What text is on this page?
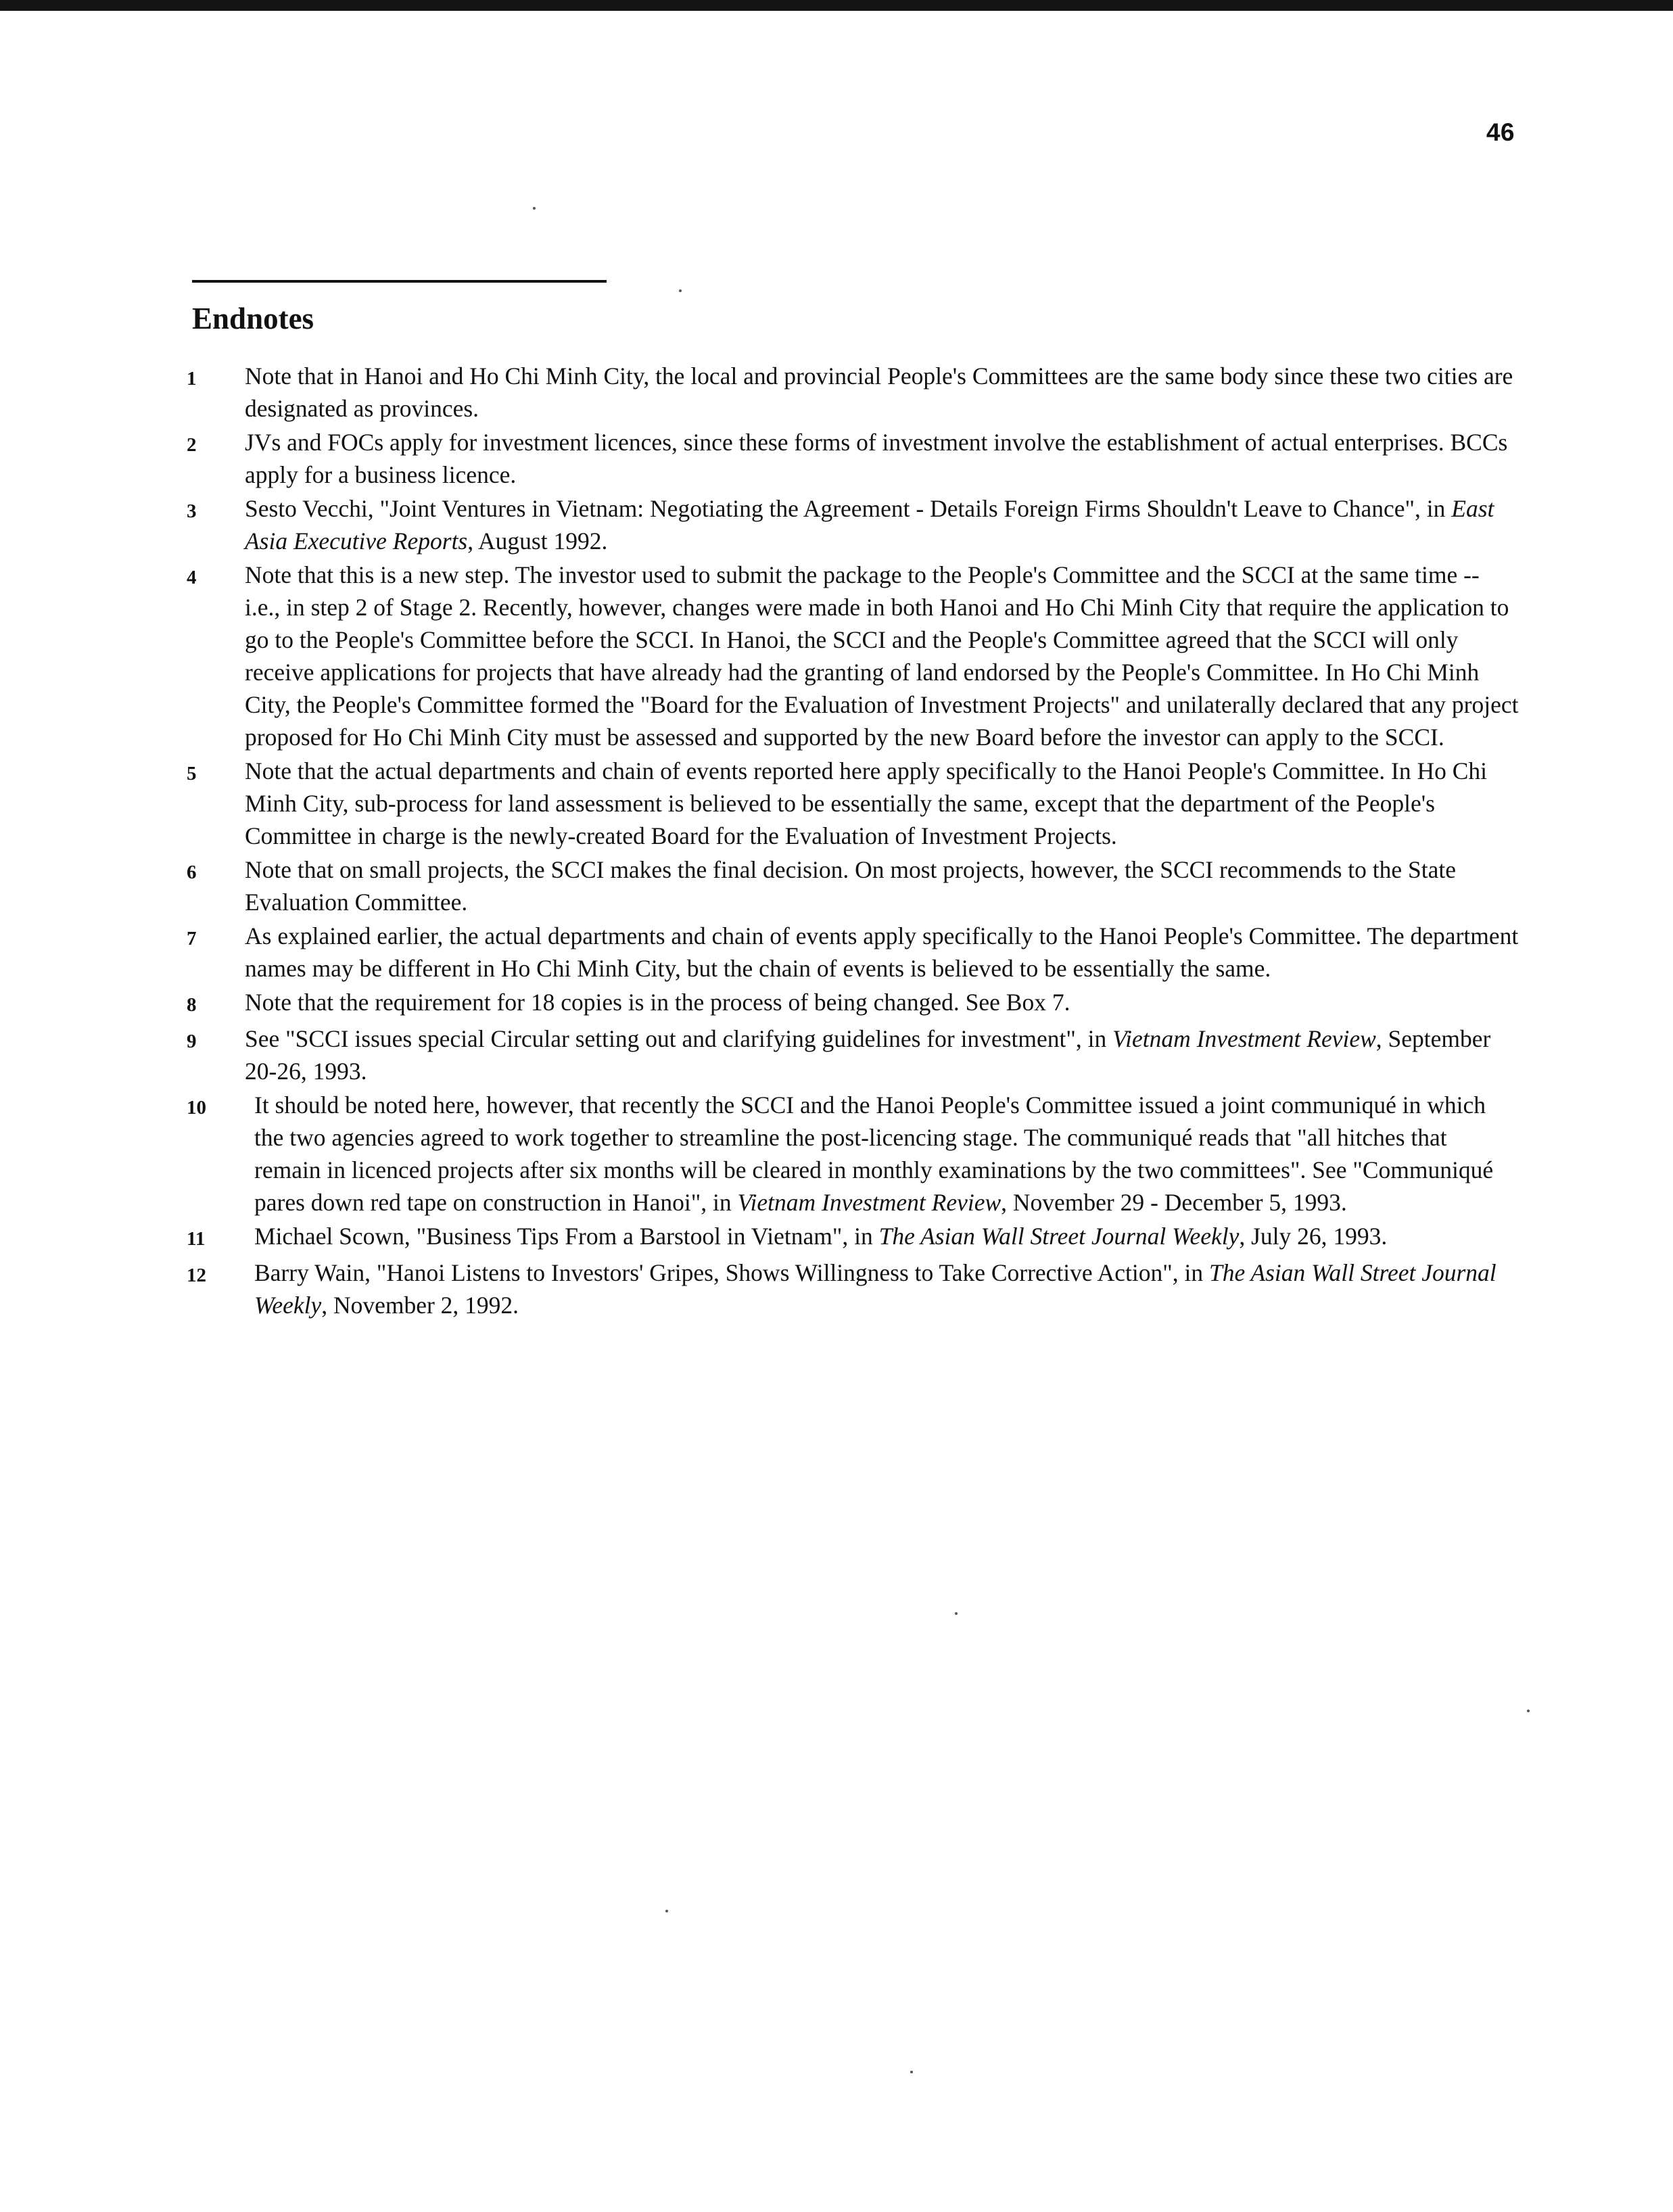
46
Endnotes
1	Note that in Hanoi and Ho Chi Minh City, the local and provincial People's Committees are the same body since these two cities are designated as provinces.
2	JVs and FOCs apply for investment licences, since these forms of investment involve the establishment of actual enterprises. BCCs apply for a business licence.
3	Sesto Vecchi, "Joint Ventures in Vietnam: Negotiating the Agreement - Details Foreign Firms Shouldn't Leave to Chance", in East Asia Executive Reports, August 1992.
4	Note that this is a new step. The investor used to submit the package to the People's Committee and the SCCI at the same time -- i.e., in step 2 of Stage 2. Recently, however, changes were made in both Hanoi and Ho Chi Minh City that require the application to go to the People's Committee before the SCCI. In Hanoi, the SCCI and the People's Committee agreed that the SCCI will only receive applications for projects that have already had the granting of land endorsed by the People's Committee. In Ho Chi Minh City, the People's Committee formed the "Board for the Evaluation of Investment Projects" and unilaterally declared that any project proposed for Ho Chi Minh City must be assessed and supported by the new Board before the investor can apply to the SCCI.
5	Note that the actual departments and chain of events reported here apply specifically to the Hanoi People's Committee. In Ho Chi Minh City, sub-process for land assessment is believed to be essentially the same, except that the department of the People's Committee in charge is the newly-created Board for the Evaluation of Investment Projects.
6	Note that on small projects, the SCCI makes the final decision. On most projects, however, the SCCI recommends to the State Evaluation Committee.
7	As explained earlier, the actual departments and chain of events apply specifically to the Hanoi People's Committee. The department names may be different in Ho Chi Minh City, but the chain of events is believed to be essentially the same.
8	Note that the requirement for 18 copies is in the process of being changed. See Box 7.
9	See "SCCI issues special Circular setting out and clarifying guidelines for investment", in Vietnam Investment Review, September 20-26, 1993.
10	It should be noted here, however, that recently the SCCI and the Hanoi People's Committee issued a joint communiqué in which the two agencies agreed to work together to streamline the post-licencing stage. The communiqué reads that "all hitches that remain in licenced projects after six months will be cleared in monthly examinations by the two committees". See "Communiqué pares down red tape on construction in Hanoi", in Vietnam Investment Review, November 29 - December 5, 1993.
11	Michael Scown, "Business Tips From a Barstool in Vietnam", in The Asian Wall Street Journal Weekly, July 26, 1993.
12	Barry Wain, "Hanoi Listens to Investors' Gripes, Shows Willingness to Take Corrective Action", in The Asian Wall Street Journal Weekly, November 2, 1992.
